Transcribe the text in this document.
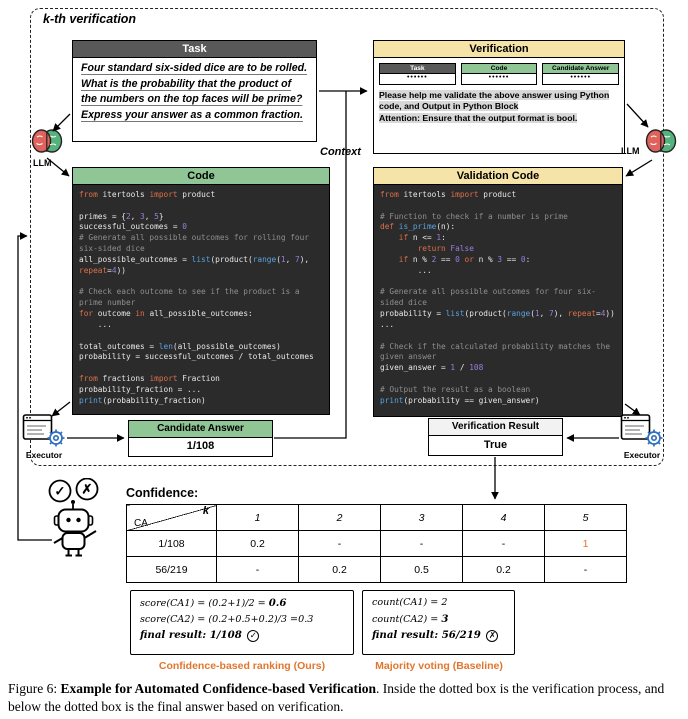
k-th verification
Task
Four standard six-sided dice are to be rolled. What is the probability that the product of the numbers on the top faces will be prime? Express your answer as a common fraction.
Verification
Task
••••••
Code
••••••
Candidate Answer
••••••
Please help me validate the above answer using Python code, and Output in Python Block
Attention: Ensure that the output format is bool.
Context
LLM
LLM
Code
from itertools import product

primes = {2, 3, 5}
successful_outcomes = 0
# Generate all possible outcomes for rolling four six-sided dice
all_possible_outcomes = list(product(range(1, 7), repeat=4))

# Check each outcome to see if the product is a prime number
for outcome in all_possible_outcomes:
...

total_outcomes = len(all_possible_outcomes)
probability = successful_outcomes / total_outcomes

from fractions import Fraction
probability_fraction = ...
print(probability_fraction)
Validation Code
from itertools import product

# Function to check if a number is prime
def is_prime(n):
if n <= 1:
return False
if n % 2 == 0 or n % 3 == 0:
...

# Generate all possible outcomes for four six-sided dice
probability = list(product(range(1, 7), repeat=4))
...

# Check if the calculated probability matches the given answer
given_answer = 1 / 108

# Output the result as a boolean
print(probability == given_answer)
Candidate Answer
1/108
Verification Result
True
Executor	Executor
✓ ✗	Confidence:
k
CA	1	2	3	4	5
1/108	0.2	-	-	-	1
56/219	-	0.2	0.5	0.2	-
score(CA1) = (0.2+1)/2 = 0.6
score(CA2) = (0.2+0.5+0.2)/3 =0.3
final result: 1/108 ✓
count(CA1) = 2
count(CA2) = 3
final result: 56/219 ✗
Confidence-based ranking (Ours)	Majority voting (Baseline)
Figure 6: Example for Automated Confidence-based Verification. Inside the dotted box is the verification process, and below the dotted box is the final answer based on verification.
